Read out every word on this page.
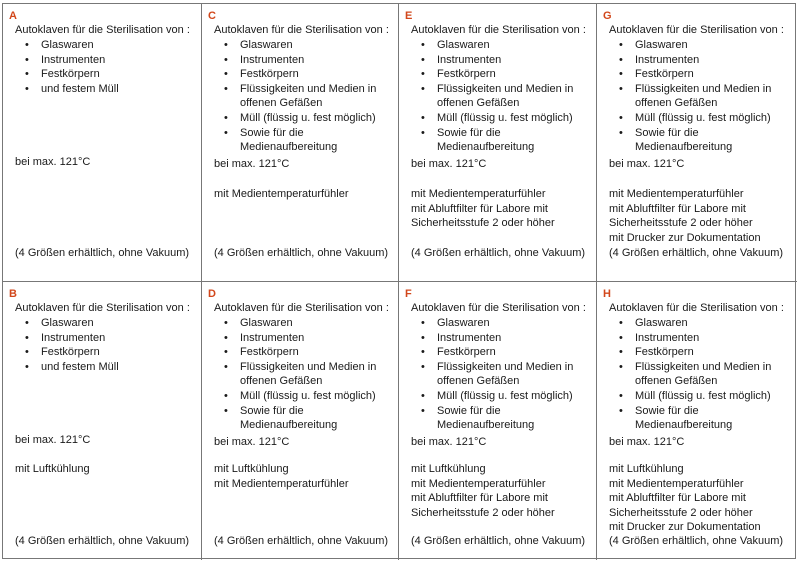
A
Autoklaven für die Sterilisation von :
• Glaswaren
• Instrumenten
• Festkörpern
• und festem Müll
bei max. 121°C
(4 Größen erhältlich, ohne Vakuum)
C
Autoklaven für die Sterilisation von :
• Glaswaren
• Instrumenten
• Festkörpern
• Flüssigkeiten und Medien in offenen Gefäßen
• Müll (flüssig u. fest möglich)
• Sowie für die Medienaufbereitung
bei max. 121°C
mit Medientemperaturfühler
(4 Größen erhältlich, ohne Vakuum)
E
Autoklaven für die Sterilisation von :
• Glaswaren
• Instrumenten
• Festkörpern
• Flüssigkeiten und Medien in offenen Gefäßen
• Müll (flüssig u. fest möglich)
• Sowie für die Medienaufbereitung
bei max. 121°C
mit Medientemperaturfühler
mit Abluftfilter für Labore mit
Sicherheitsstufe 2 oder höher
(4 Größen erhältlich, ohne Vakuum)
G
Autoklaven für die Sterilisation von :
• Glaswaren
• Instrumenten
• Festkörpern
• Flüssigkeiten und Medien in offenen Gefäßen
• Müll (flüssig u. fest möglich)
• Sowie für die Medienaufbereitung
bei max. 121°C
mit Medientemperaturfühler
mit Abluftfilter für Labore mit
Sicherheitsstufe 2 oder höher
mit Drucker zur Dokumentation
(4 Größen erhältlich, ohne Vakuum)
B
Autoklaven für die Sterilisation von :
• Glaswaren
• Instrumenten
• Festkörpern
• und festem Müll
bei max. 121°C
mit Luftkühlung
(4 Größen erhältlich, ohne Vakuum)
D
Autoklaven für die Sterilisation von :
• Glaswaren
• Instrumenten
• Festkörpern
• Flüssigkeiten und Medien in offenen Gefäßen
• Müll (flüssig u. fest möglich)
• Sowie für die Medienaufbereitung
bei max. 121°C
mit Luftkühlung
mit Medientemperaturfühler
(4 Größen erhältlich, ohne Vakuum)
F
Autoklaven für die Sterilisation von :
• Glaswaren
• Instrumenten
• Festkörpern
• Flüssigkeiten und Medien in offenen Gefäßen
• Müll (flüssig u. fest möglich)
• Sowie für die Medienaufbereitung
bei max. 121°C
mit Luftkühlung
mit Medientemperaturfühler
mit Abluftfilter für Labore mit
Sicherheitsstufe 2 oder höher
(4 Größen erhältlich, ohne Vakuum)
H
Autoklaven für die Sterilisation von :
• Glaswaren
• Instrumenten
• Festkörpern
• Flüssigkeiten und Medien in offenen Gefäßen
• Müll (flüssig u. fest möglich)
• Sowie für die Medienaufbereitung
bei max. 121°C
mit Luftkühlung
mit Medientemperaturfühler
mit Abluftfilter für Labore mit
Sicherheitsstufe 2 oder höher
mit Drucker zur Dokumentation
(4 Größen erhältlich, ohne Vakuum)
